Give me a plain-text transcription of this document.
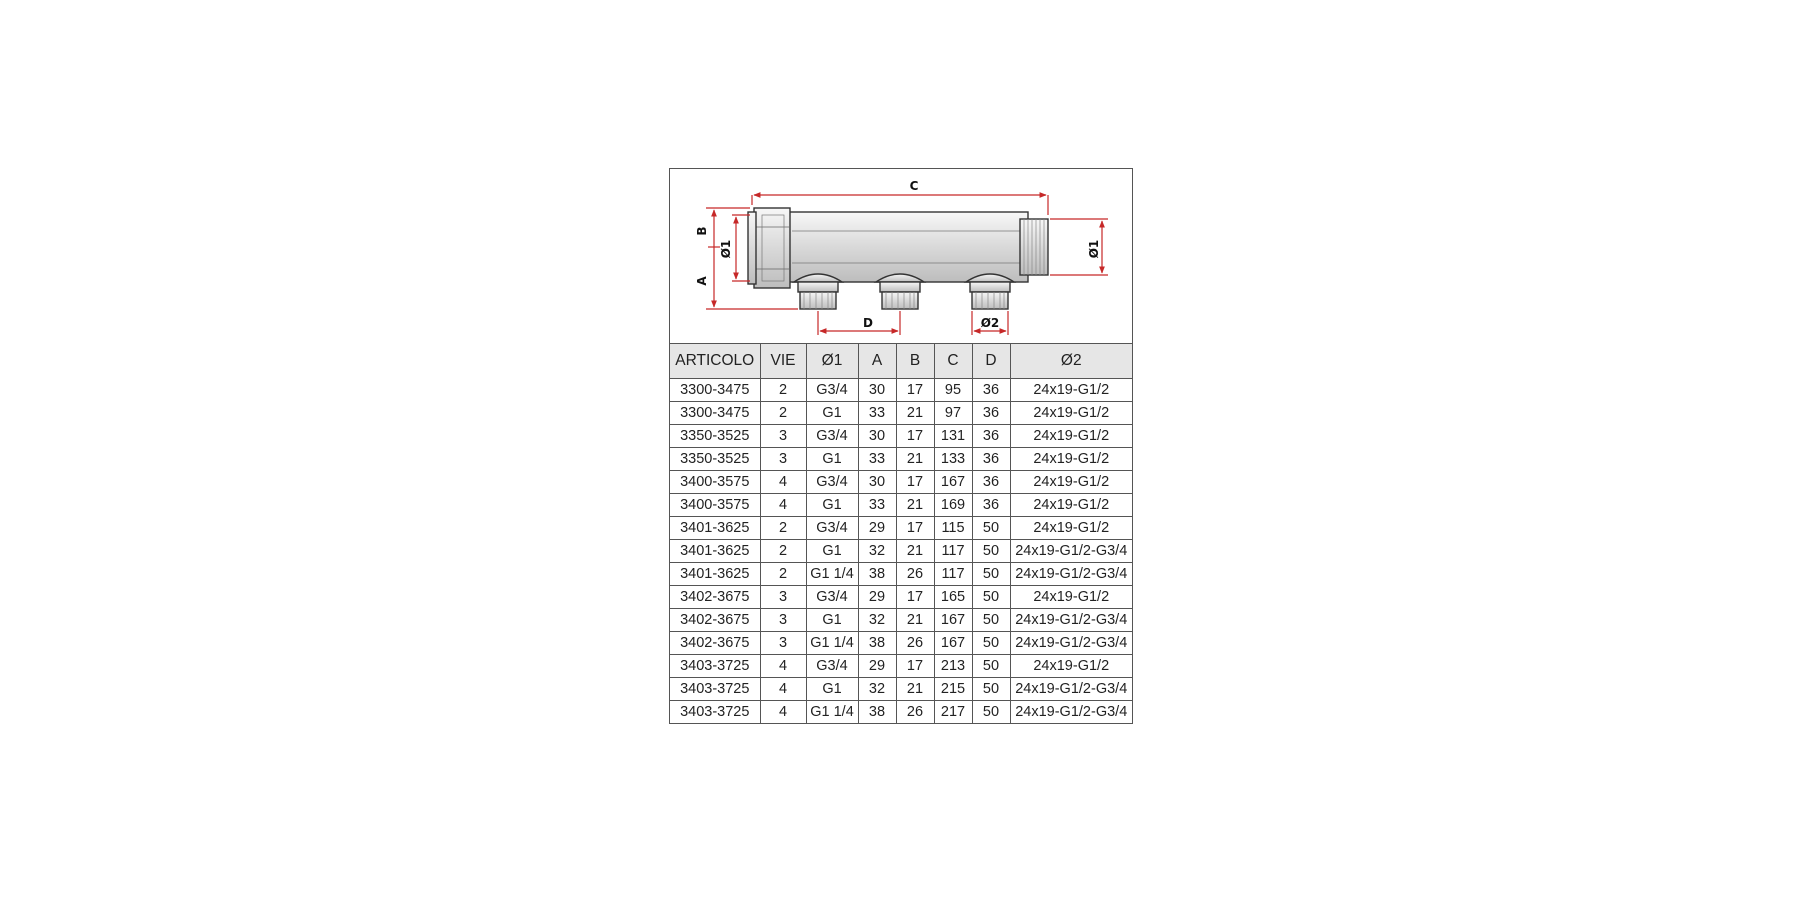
C
B
A
Ø1	Ø1
D	Ø2
ARTICOLO	VIE	Ø1	A	B	C	D	Ø2
3300-3475	2	G3/4	30	17	95	36	24x19-G1/2
3300-3475	2	G1	33	21	97	36	24x19-G1/2
3350-3525	3	G3/4	30	17	131	36	24x19-G1/2
3350-3525	3	G1	33	21	133	36	24x19-G1/2
3400-3575	4	G3/4	30	17	167	36	24x19-G1/2
3400-3575	4	G1	33	21	169	36	24x19-G1/2
3401-3625	2	G3/4	29	17	115	50	24x19-G1/2
3401-3625	2	G1	32	21	117	50	24x19-G1/2-G3/4
3401-3625	2	G1 1/4	38	26	117	50	24x19-G1/2-G3/4
3402-3675	3	G3/4	29	17	165	50	24x19-G1/2
3402-3675	3	G1	32	21	167	50	24x19-G1/2-G3/4
3402-3675	3	G1 1/4	38	26	167	50	24x19-G1/2-G3/4
3403-3725	4	G3/4	29	17	213	50	24x19-G1/2
3403-3725	4	G1	32	21	215	50	24x19-G1/2-G3/4
3403-3725	4	G1 1/4	38	26	217	50	24x19-G1/2-G3/4
